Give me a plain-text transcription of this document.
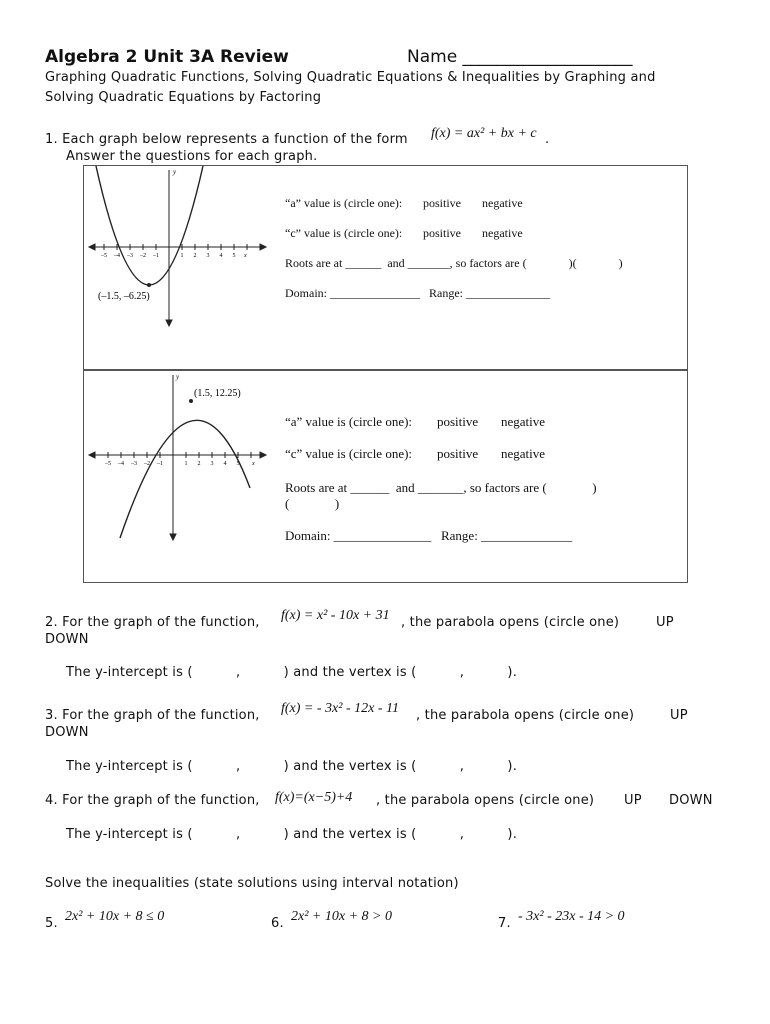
Algebra 2 Unit 3A Review	Name ____________________
Graphing Quadratic Functions, Solving Quadratic Equations & Inequalities by Graphing and
Solving Quadratic Equations by Factoring
1. Each graph below represents a function of the form f(x) = ax² + bx + c .
Answer the questions for each graph.
y
x
–5 –4 –3 –2 –1	1 2 3 4 5
(–1.5, –6.25)
“a” value is (circle one): positive negative
“c” value is (circle one): positive negative
Roots are at ______  and _______, so factors are (              )(              )
Domain: _______________   Range: ______________
y
x
–5 –4 –3 –2 –1	1 2 3 4 5
(1.5, 12.25)
“a” value is (circle one): positive negative
“c” value is (circle one): positive negative
Roots are at ______  and _______, so factors are (              )
(              )
Domain: _______________   Range: ______________
2. For the graph of the function, f(x) = x² - 10x + 31 , the parabola opens (circle one)	UP
DOWN
The y-intercept is (          ,          ) and the vertex is (          ,          ).
3. For the graph of the function, f(x) = - 3x² - 12x - 11 , the parabola opens (circle one)	UP
DOWN
The y-intercept is (          ,          ) and the vertex is (          ,          ).
4. For the graph of the function, f(x)=(x−5)+4 , the parabola opens (circle one) UP DOWN
The y-intercept is (          ,          ) and the vertex is (          ,          ).
Solve the inequalities (state solutions using interval notation)
5. 2x² + 10x + 8 ≤ 0	6. 2x² + 10x + 8 > 0	7. - 3x² - 23x - 14 > 0
